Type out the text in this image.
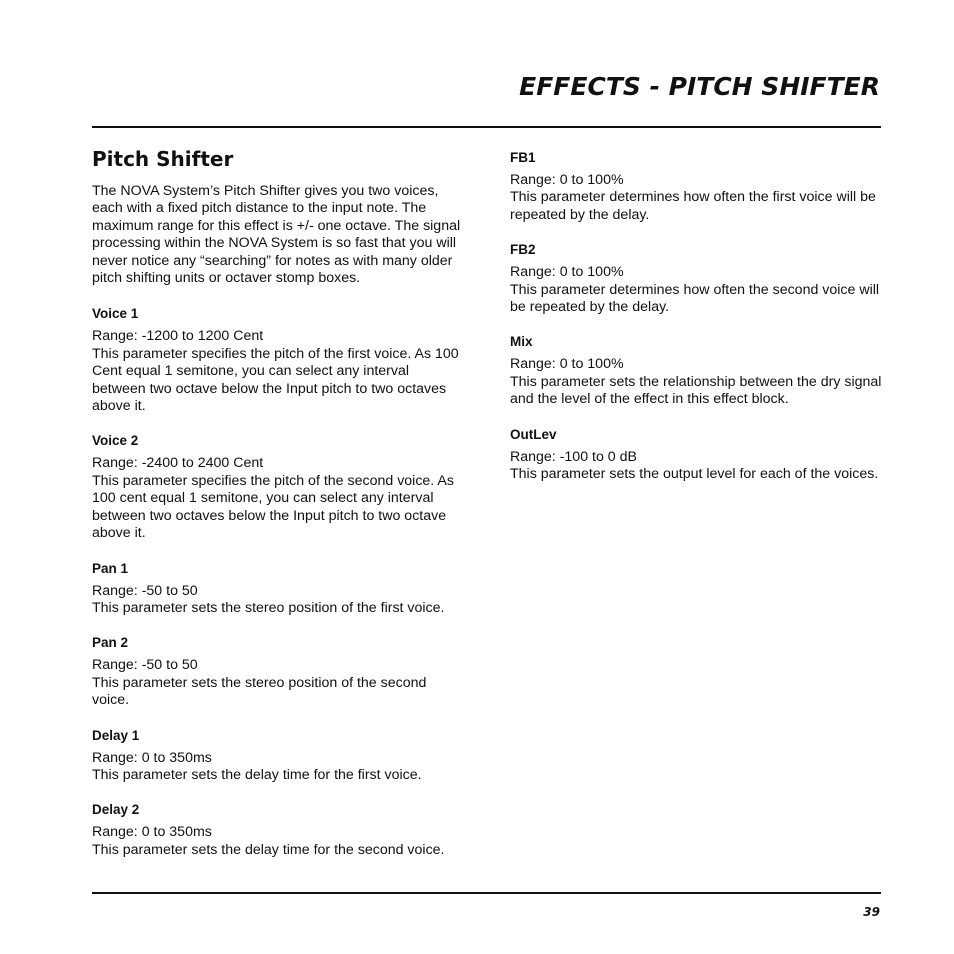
EFFECTS - PITCH SHIFTER
Pitch Shifter

The NOVA System’s Pitch Shifter gives you two voices, each with a fixed pitch distance to the input note. The maximum range for this effect is +/- one octave. The signal processing within the NOVA System is so fast that you will never notice any “searching” for notes as with many older pitch shifting units or octaver stomp boxes.

Voice 1

Range: -1200 to 1200 Cent

This parameter specifies the pitch of the first voice. As 100 Cent equal 1 semitone, you can select any interval between two octave below the Input pitch to two octaves above it.

Voice 2

Range: -2400 to 2400 Cent

This parameter specifies the pitch of the second voice. As 100 cent equal 1 semitone, you can select any interval between two octaves below the Input pitch to two octave above it.

Pan 1

Range: -50 to 50

This parameter sets the stereo position of the first voice.

Pan 2

Range: -50 to 50

This parameter sets the stereo position of the second voice.

Delay 1

Range: 0 to 350ms

This parameter sets the delay time for the first voice.

Delay 2

Range: 0 to 350ms

This parameter sets the delay time for the second voice.

FB1

Range: 0 to 100%

This parameter determines how often the first voice will be repeated by the delay.

FB2

Range: 0 to 100%

This parameter determines how often the second voice will be repeated by the delay.

Mix

Range: 0 to 100%

This parameter sets the relationship between the dry signal and the level of the effect in this effect block.

OutLev

Range: -100 to 0 dB

This parameter sets the output level for each of the voices.

39
